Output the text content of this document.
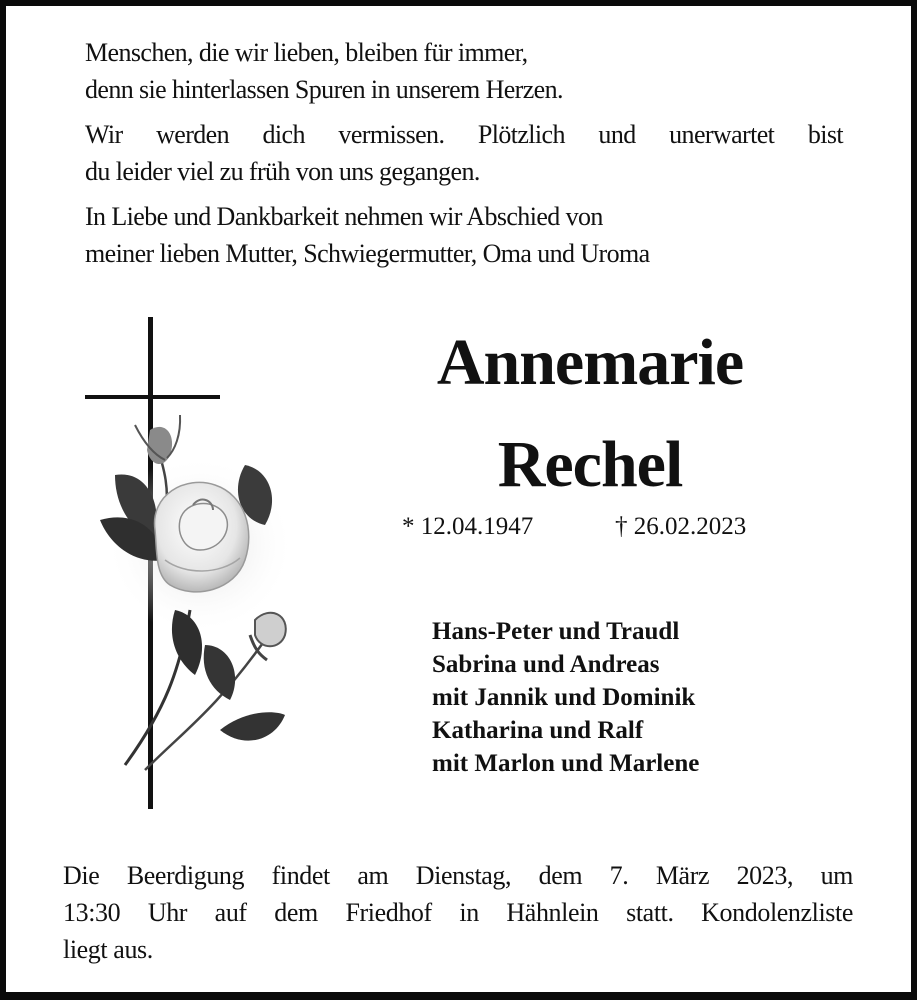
Menschen, die wir lieben, bleiben für immer,
denn sie hinterlassen Spuren in unserem Herzen.

Wir werden dich vermissen. Plötzlich und unerwartet bist
du leider viel zu früh von uns gegangen.

In Liebe und Dankbarkeit nehmen wir Abschied von
meiner lieben Mutter, Schwiegermutter, Oma und Uroma

Annemarie
Rechel
* 12.04.1947	† 26.02.2023
Hans-Peter und Traudl
Sabrina und Andreas
mit Jannik und Dominik
Katharina und Ralf
mit Marlon und Marlene
Die Beerdigung findet am Dienstag, dem 7. März 2023, um
13:30 Uhr auf dem Friedhof in Hähnlein statt. Kondolenzliste
liegt aus.
